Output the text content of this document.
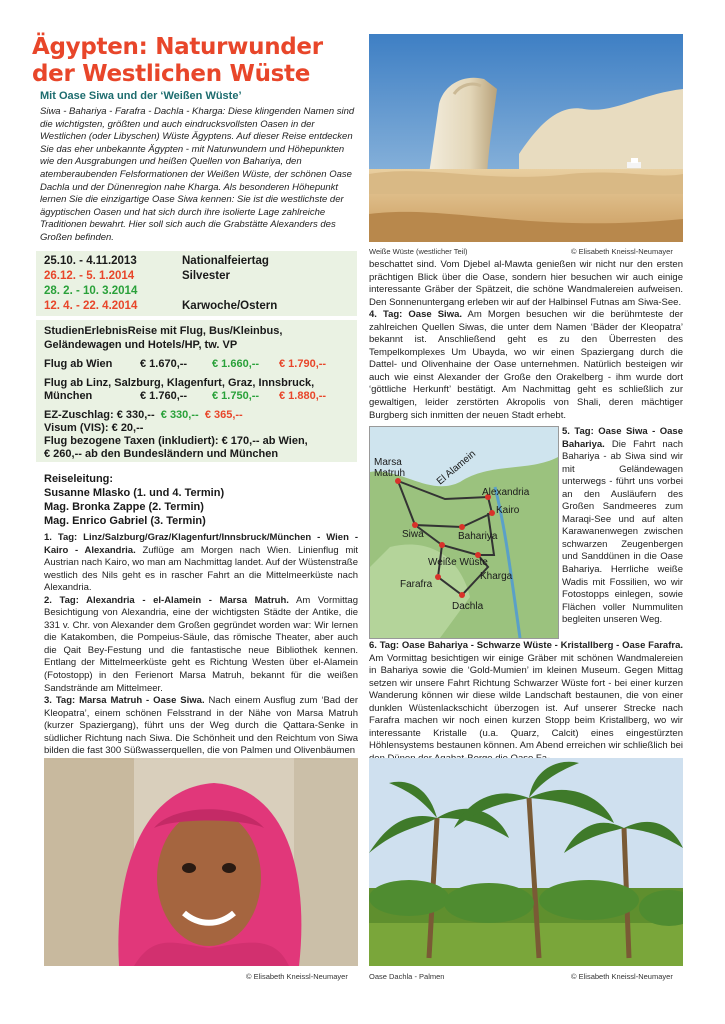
Ägypten: Naturwunder
der Westlichen Wüste
Mit Oase Siwa und der ‘Weißen Wüste’
Siwa - Bahariya - Farafra - Dachla - Kharga: Diese klingenden Namen sind die wichtigsten, größten und auch eindrucksvollsten Oasen in der Westlichen (oder Libyschen) Wüste Ägyptens. Auf dieser Reise entdecken Sie das eher unbekannte Ägypten - mit Naturwundern und Höhepunkten wie den Ausgrabungen und heißen Quellen von Bahariya, den atemberaubenden Felsformationen der Weißen Wüste, der schönen Oase Dachla und der Dünenregion nahe Kharga. Als besonderen Höhepunkt lernen Sie die einzigartige Oase Siwa kennen: Sie ist die westlichste der ägyptischen Oasen und hat sich durch ihre isolierte Lage zahlreiche Traditionen bewahrt. Hier soll sich auch die Grabstätte Alexanders des Großen befinden.
25.10. - 4.11.2013	Nationalfeiertag
26.12. - 5. 1.2014	Silvester
28. 2. - 10. 3.2014
12. 4. - 22. 4.2014	Karwoche/Ostern
StudienErlebnisReise mit Flug, Bus/Kleinbus,
Geländewagen und Hotels/HP, tw. VP
Flug ab Wien	€ 1.670,-- € 1.660,-- € 1.790,--
Flug ab Linz, Salzburg, Klagenfurt, Graz, Innsbruck,
München	€ 1.760,-- € 1.750,-- € 1.880,--
EZ-Zuschlag: € 330,-- € 330,-- € 365,--
Visum (VIS): € 20,--
Flug bezogene Taxen (inkludiert): € 170,-- ab Wien,
€ 260,-- ab den Bundesländern und München
Reiseleitung:
Susanne Mlasko (1. und 4. Termin)
Mag. Bronka Zappe (2. Termin)
Mag. Enrico Gabriel (3. Termin)
1. Tag: Linz/Salzburg/Graz/Klagenfurt/Innsbruck/München - Wien - Kairo - Alexandria. Zuflüge am Morgen nach Wien. Linienflug mit Austrian nach Kairo, wo man am Nachmittag landet. Auf der Wüstenstraße westlich des Nils geht es in rascher Fahrt an die Mittelmeerküste nach Alexandria.
2. Tag: Alexandria - el-Alamein - Marsa Matruh. Am Vormittag Besichtigung von Alexandria, eine der wichtigsten Städte der Antike, die 331 v. Chr. von Alexander dem Großen gegründet worden war: Wir lernen die Katakomben, die Pompeius-Säule, das römische Theater, aber auch die Qait Bey-Festung und die fantastische neue Bibliothek kennen. Entlang der Mittelmeerküste geht es Richtung Westen über el-Alamein (Fotostopp) in den Ferienort Marsa Matruh, bekannt für die weißen Sandstrände am Mittelmeer.
3. Tag: Marsa Matruh - Oase Siwa. Nach einem Ausflug zum ‘Bad der Kleopatra’, einem schönen Felsstrand in der Nähe von Marsa Matruh (kurzer Spaziergang), führt uns der Weg durch die Qattara-Senke in südlicher Richtung nach Siwa. Die Schönheit und den Reichtum von Siwa bilden die fast 300 Süßwasserquellen, die von Palmen und Olivenbäumen
Weiße Wüste (westlicher Teil)	© Elisabeth Kneissl-Neumayer
beschattet sind. Vom Djebel al-Mawta genießen wir nicht nur den ersten prächtigen Blick über die Oase, sondern hier besuchen wir auch einige interessante Gräber der Spätzeit, die schöne Wandmalereien aufweisen. Den Sonnenuntergang erleben wir auf der Halbinsel Futnas am Siwa-See.
4. Tag: Oase Siwa. Am Morgen besuchen wir die berühmteste der zahlreichen Quellen Siwas, die unter dem Namen ‘Bäder der Kleopatra’ bekannt ist. Anschließend geht es zu den Überresten des Tempelkomplexes Um Ubayda, wo wir einen Spaziergang durch die Dattel- und Olivenhaine der Oase unternehmen. Natürlich besteigen wir auch wie einst Alexander der Große den Orakelberg - ihm wurde dort ‘göttliche Herkunft’ bestätigt. Am Nachmittag geht es schließlich zur gewaltigen, leider zerstörten Akropolis von Shali, deren mächtiger Burgberg sich inmitten der neuen Stadt erhebt.
Marsa
Matruh	El Alamein
Alexandria
Kairo
Siwa	Bahariya
Weiße Wüste
Farafra
Kharga
Dachla
5. Tag: Oase Siwa - Oase Bahariya. Die Fahrt nach Bahariya - ab Siwa sind wir mit Geländewagen unterwegs - führt uns vorbei an den Ausläufern des Großen Sandmeeres zum Maraqi-See und auf alten Karawanenwegen zwischen schwarzen Zeugenbergen und Sanddünen in die Oase Bahariya. Herrliche weiße Wadis mit Fossilien, wo wir Fotostopps einlegen, sowie Flächen voller Nummuliten begleiten unseren Weg.
6. Tag: Oase Bahariya - Schwarze Wüste - Kristallberg - Oase Farafra. Am Vormittag besichtigen wir einige Gräber mit schönen Wandmalereien in Bahariya sowie die ‘Gold-Mumien’ im kleinen Museum. Gegen Mittag setzen wir unsere Fahrt Richtung Schwarzer Wüste fort - bei einer kurzen Wanderung können wir diese wilde Landschaft bestaunen, die von einer dunklen Wüstenlackschicht überzogen ist. Auf unserer Strecke nach Farafra machen wir noch einen kurzen Stopp beim Kristallberg, wo wir interessante Kristalle (u.a. Quarz, Calcit) eines eingestürzten Höhlensystems bestaunen können. Am Abend erreichen wir schließlich bei
© Elisabeth Kneissl-Neumayer	Oase Dachla - Palmen	© Elisabeth Kneissl-Neumayer
